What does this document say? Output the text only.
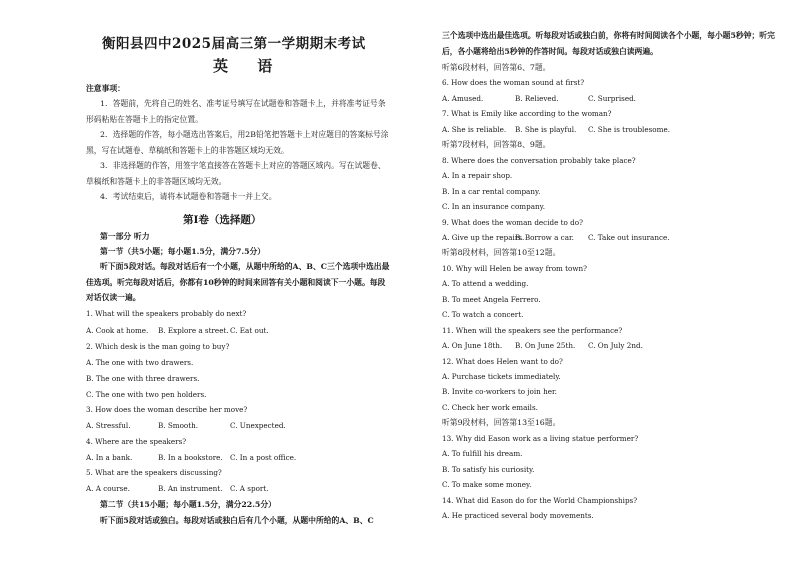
衡阳县四中2025届高三第一学期期末考试
英 语
注意事项：
1．答题前，先将自己的姓名、准考证号填写在试题卷和答题卡上，并将准考证号条形码粘贴在答题卡上的指定位置。
2．选择题的作答，每小题选出答案后，用2B铅笔把答题卡上对应题目的答案标号涂黑，写在试题卷、草稿纸和答题卡上的非答题区域均无效。
3．非选择题的作答，用签字笔直接答在答题卡上对应的答题区域内。写在试题卷、草稿纸和答题卡上的非答题区域均无效。
4．考试结束后，请将本试题卷和答题卡一并上交。
第Ⅰ卷（选择题）
第一部分 听力
第一节（共5小题；每小题1.5分，满分7.5分）
听下面5段对话。每段对话后有一个小题，从题中所给的A、B、C三个选项中选出最佳选项。听完每段对话后，你都有10秒钟的时间来回答有关小题和阅读下一小题。每段对话仅读一遍。
1. What will the speakers probably do next?
A. Cook at home. B. Explore a street. C. Eat out.
2. Which desk is the man going to buy?
A. The one with two drawers.
B. The one with three drawers.
C. The one with two pen holders.
3. How does the woman describe her move?
A. Stressful.	B. Smooth.	C. Unexpected.
4. Where are the speakers?
A. In a bank.	B. In a bookstore. C. In a post office.
5. What are the speakers discussing?
A. A course.	B. An instrument. C. A sport.
第二节（共15小题；每小题1.5分，满分22.5分）
听下面5段对话或独白。每段对话或独白后有几个小题，从题中所给的A、B、C
三个选项中选出最佳选项。听每段对话或独白前，你将有时间阅读各个小题，每小题5秒钟；听完后，各小题将给出5秒钟的作答时间。每段对话或独白读两遍。
听第6段材料，回答第6、7题。
6. How does the woman sound at first?
A. Amused.	B. Relieved.	C. Surprised.
7. What is Emily like according to the woman?
A. She is reliable. B. She is playful. C. She is troublesome.
听第7段材料，回答第8、9题。
8. Where does the conversation probably take place?
A. In a repair shop.
B. In a car rental company.
C. In an insurance company.
9. What does the woman decide to do?
A. Give up the repairs.
B. Borrow a car. C. Take out insurance.
听第8段材料，回答第10至12题。
10. Why will Helen be away from town?
A. To attend a wedding.
B. To meet Angela Ferrero.
C. To watch a concert.
11. When will the speakers see the performance?
A. On June 18th. B. On June 25th. C. On July 2nd.
12. What does Helen want to do?
A. Purchase tickets immediately.
B. Invite co-workers to join her.
C. Check her work emails.
听第9段材料，回答第13至16题。
13. Why did Eason work as a living statue performer?
A. To fulfill his dream.
B. To satisfy his curiosity.
C. To make some money.
14. What did Eason do for the World Championships?
A. He practiced several body movements.
